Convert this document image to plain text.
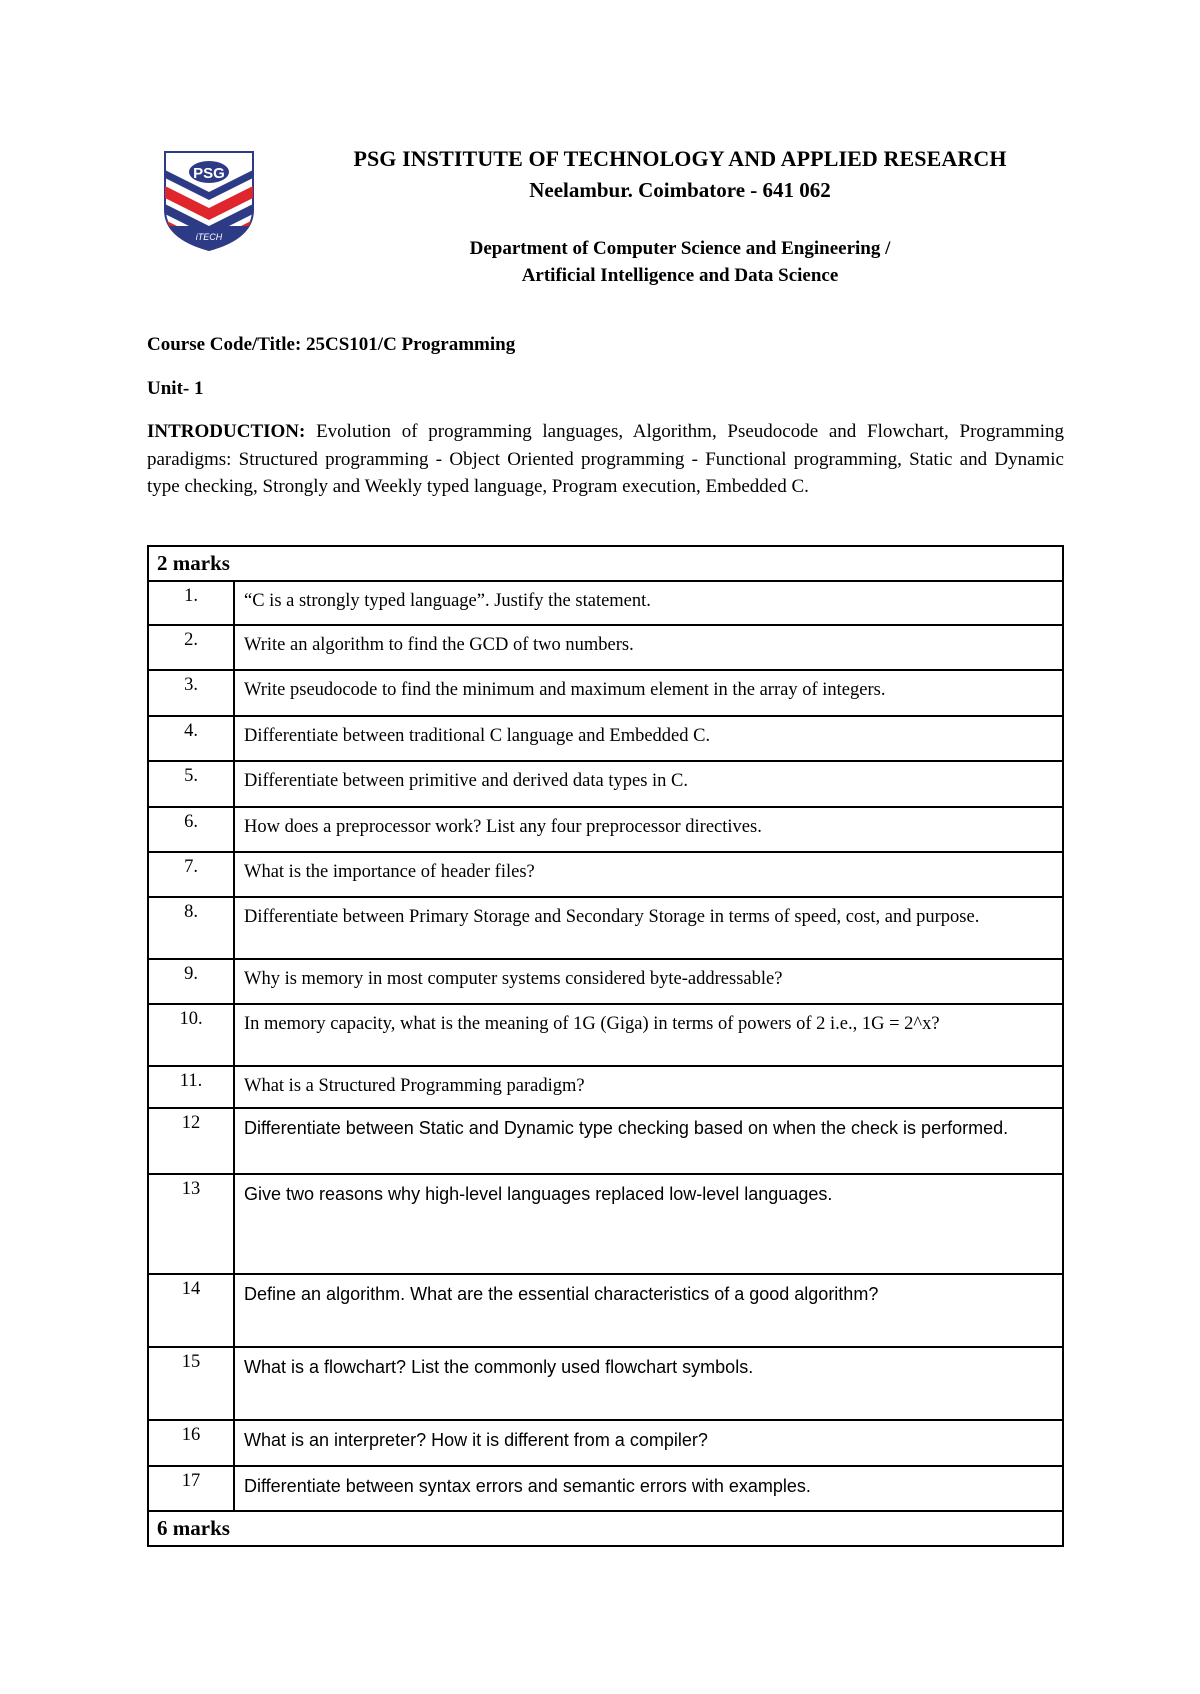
PSG
iTECH
PSG INSTITUTE OF TECHNOLOGY AND APPLIED RESEARCH
Neelambur. Coimbatore - 641 062
Department of Computer Science and Engineering /
Artificial Intelligence and Data Science
Course Code/Title: 25CS101/C Programming
Unit- 1
INTRODUCTION: Evolution of programming languages, Algorithm, Pseudocode and Flowchart, Programming paradigms: Structured programming - Object Oriented programming - Functional programming, Static and Dynamic type checking, Strongly and Weekly typed language, Program execution, Embedded C.
2 marks	
1.	“C is a strongly typed language”. Justify the statement.
2.	Write an algorithm to find the GCD of two numbers.
3.	Write pseudocode to find the minimum and maximum element in the array of integers.
4.	Differentiate between traditional C language and Embedded C.
5.	Differentiate between primitive and derived data types in C.
6.	How does a preprocessor work? List any four preprocessor directives.
7.	What is the importance of header files?
8.	Differentiate between Primary Storage and Secondary Storage in terms of speed, cost, and purpose.
9.	Why is memory in most computer systems considered byte-addressable?
10.	In memory capacity, what is the meaning of 1G (Giga) in terms of powers of 2 i.e., 1G = 2^x?
11.	What is a Structured Programming paradigm?
12	Differentiate between Static and Dynamic type checking based on when the check is performed.
13	Give two reasons why high-level languages replaced low-level languages.
14	Define an algorithm. What are the essential characteristics of a good algorithm?
15	What is a flowchart? List the commonly used flowchart symbols.
16	What is an interpreter? How it is different from a compiler?
17	Differentiate between syntax errors and semantic errors with examples.
6 marks	
